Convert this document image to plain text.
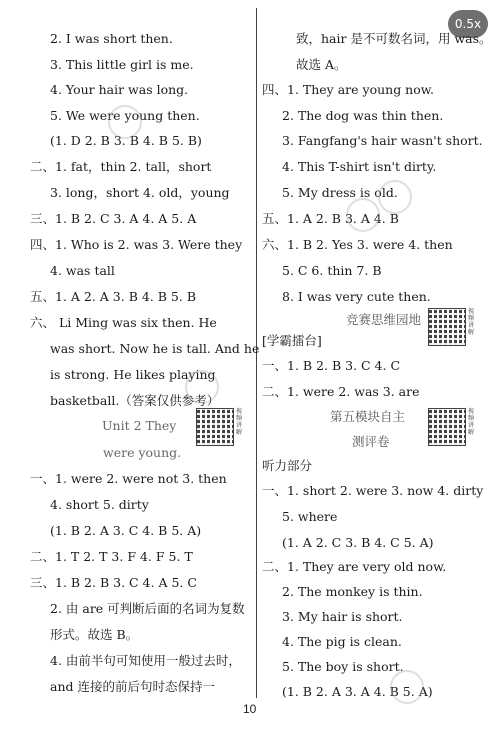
0.5x
2. I was short then.
3. This little girl is me.
4. Your hair was long.
5. We were young then.
(1. D 2. B 3. B 4. B 5. B)
二、1. fat，thin 2. tall，short
3. long，short 4. old，young
三、1. B 2. C 3. A 4. A 5. A
四、1. Who is 2. was 3. Were they
4. was tall
五、1. A 2. A 3. B 4. B 5. B
六、 Li Ming was six then. He
was short. Now he is tall. And he
is strong. He likes playing
basketball.（答案仅供参考）
Unit 2 They
were young.
视频讲解
一、1. were 2. were not 3. then
4. short 5. dirty
(1. B 2. A 3. C 4. B 5. A)
二、1. T 2. T 3. F 4. F 5. T
三、1. B 2. B 3. C 4. A 5. C
2. 由 are 可判断后面的名词为复数
形式。故选 B。
4. 由前半句可知使用一般过去时，
and 连接的前后句时态保持一
致，hair 是不可数名词，用 was。
故选 A。
四、1. They are young now.
2. The dog was thin then.
3. Fangfang's hair wasn't short.
4. This T-shirt isn't dirty.
5. My dress is old.
五、1. A 2. B 3. A 4. B
六、1. B 2. Yes 3. were 4. then
5. C 6. thin 7. B
8. I was very cute then.
竞赛思维园地
视频讲解
[学霸擂台]
一、1. B 2. B 3. C 4. C
二、1. were 2. was 3. are
第五模块自主
测评卷
视频讲解
听力部分
一、1. short 2. were 3. now 4. dirty
5. where
(1. A 2. C 3. B 4. C 5. A)
二、1. They are very old now.
2. The monkey is thin.
3. My hair is short.
4. The pig is clean.
5. The boy is short.
(1. B 2. A 3. A 4. B 5. A)
10
